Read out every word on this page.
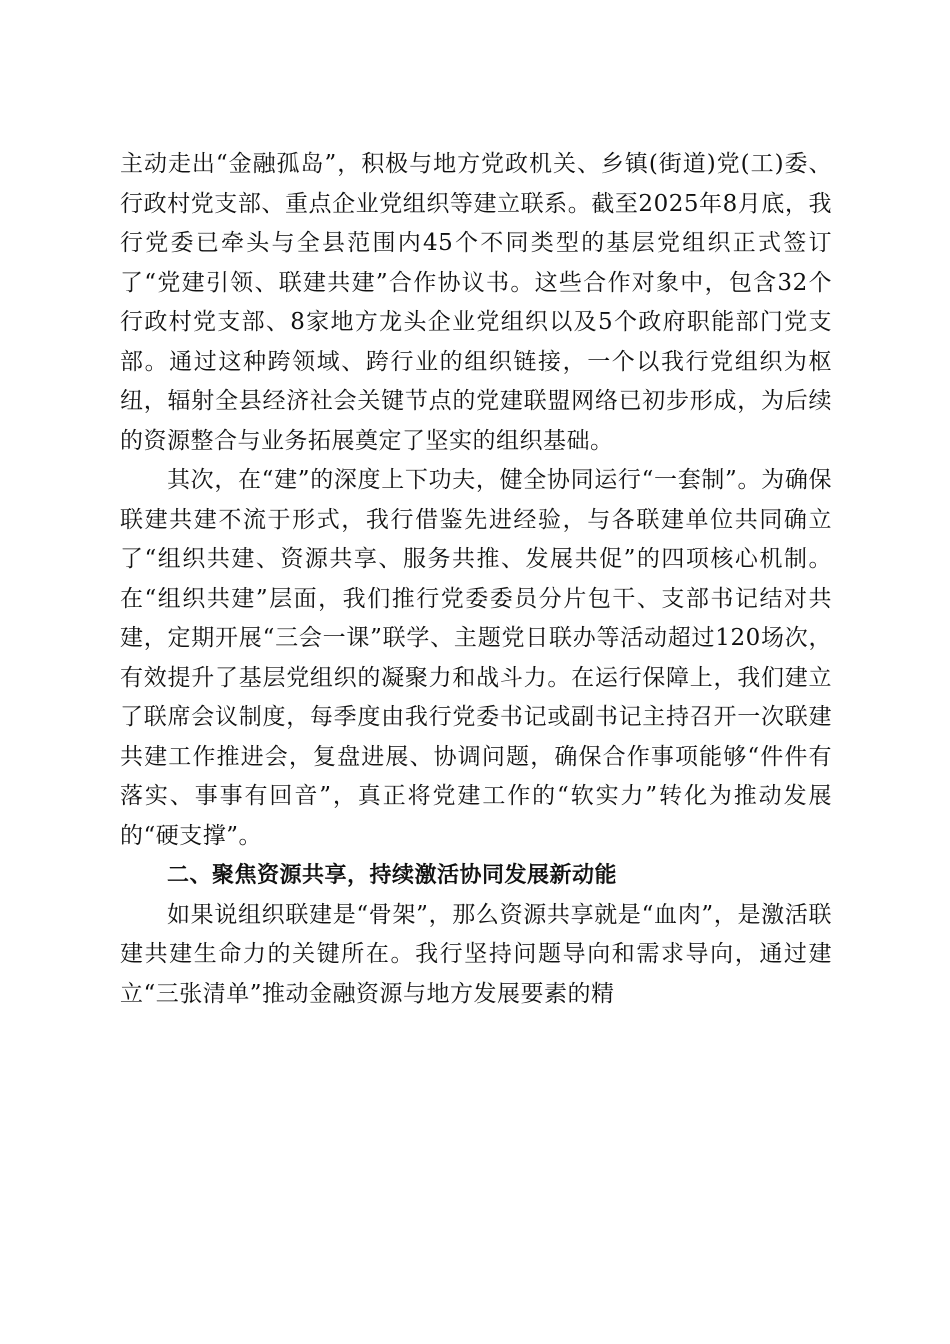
主动走出“金融孤岛”，积极与地方党政机关、乡镇(街道)党(工)委、行政村党支部、重点企业党组织等建立联系。截至2025年8月底，我行党委已牵头与全县范围内45个不同类型的基层党组织正式签订了“党建引领、联建共建”合作协议书。这些合作对象中，包含32个行政村党支部、8家地方龙头企业党组织以及5个政府职能部门党支部。通过这种跨领域、跨行业的组织链接，一个以我行党组织为枢纽，辐射全县经济社会关键节点的党建联盟网络已初步形成，为后续的资源整合与业务拓展奠定了坚实的组织基础。

其次，在“建”的深度上下功夫，健全协同运行“一套制”。为确保联建共建不流于形式，我行借鉴先进经验，与各联建单位共同确立了“组织共建、资源共享、服务共推、发展共促”的四项核心机制。在“组织共建”层面，我们推行党委委员分片包干、支部书记结对共建，定期开展“三会一课”联学、主题党日联办等活动超过120场次，有效提升了基层党组织的凝聚力和战斗力。在运行保障上，我们建立了联席会议制度，每季度由我行党委书记或副书记主持召开一次联建共建工作推进会，复盘进展、协调问题，确保合作事项能够“件件有落实、事事有回音”，真正将党建工作的“软实力”转化为推动发展的“硬支撑”。

二、聚焦资源共享，持续激活协同发展新动能

如果说组织联建是“骨架”，那么资源共享就是“血肉”，是激活联建共建生命力的关键所在。我行坚持问题导向和需求导向，通过建立“三张清单”推动金融资源与地方发展要素的精
